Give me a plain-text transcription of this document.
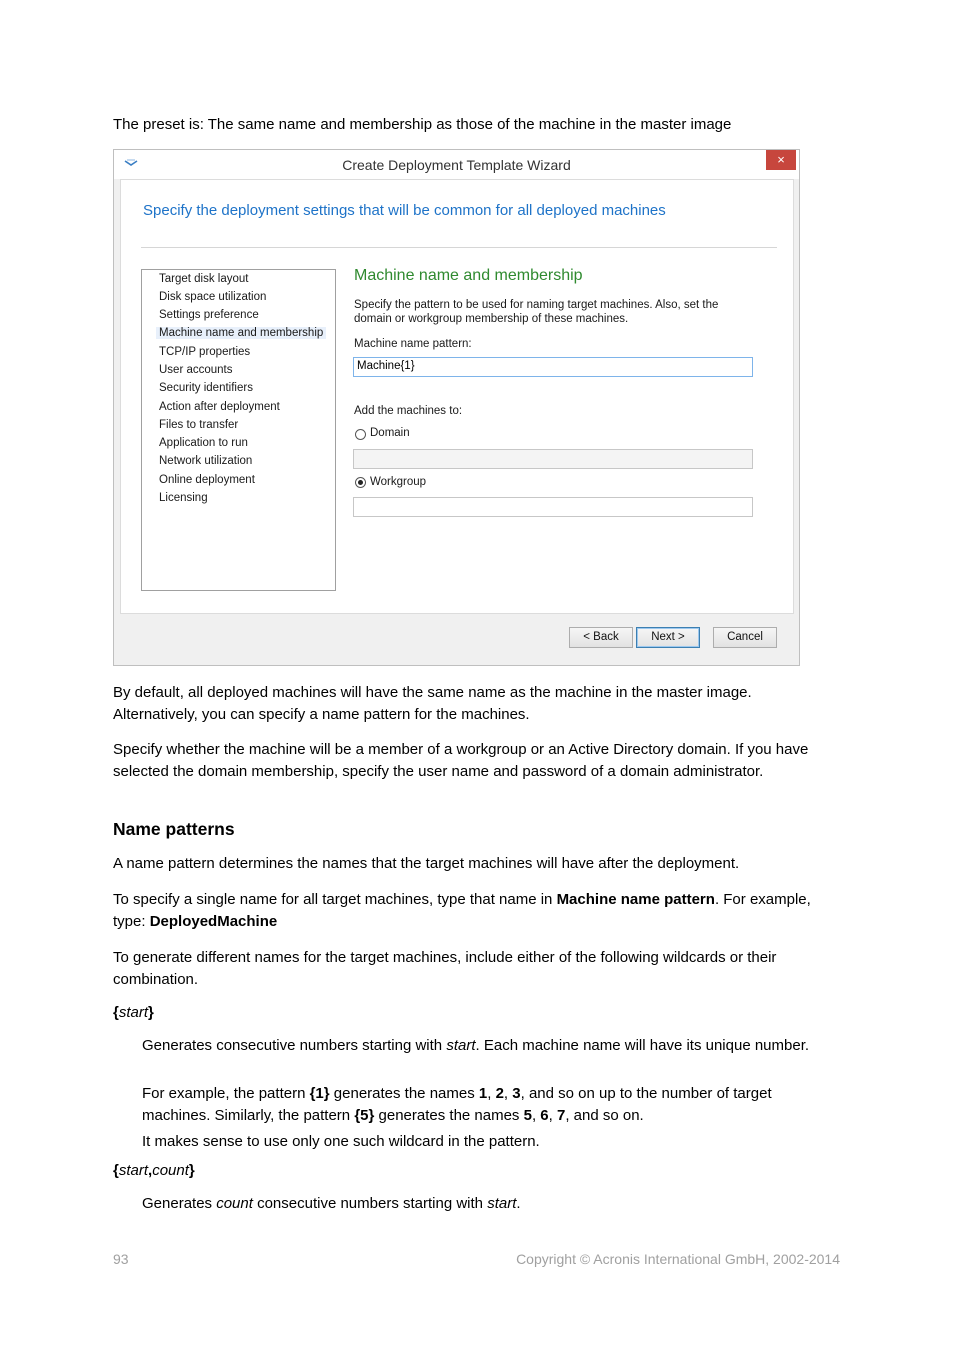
The preset is: The same name and membership as those of the machine in the master image

Create Deployment Template Wizard	×
Specify the deployment settings that will be common for all deployed machines
Target disk layout
Disk space utilization
Settings preference
Machine name and membership
TCP/IP properties
User accounts
Security identifiers
Action after deployment
Files to transfer
Application to run
Network utilization
Online deployment
Licensing
Machine name and membership
Specify the pattern to be used for naming target machines. Also, set the
domain or workgroup membership of these machines.
Machine name pattern:
Machine{1}
Add the machines to:
Domain
Workgroup
< Back	Next >	Cancel

By default, all deployed machines will have the same name as the machine in the master image. Alternatively, you can specify a name pattern for the machines.

Specify whether the machine will be a member of a workgroup or an Active Directory domain. If you have selected the domain membership, specify the user name and password of a domain administrator.

Name patterns

A name pattern determines the names that the target machines will have after the deployment.

To specify a single name for all target machines, type that name in Machine name pattern. For example, type: DeployedMachine

To generate different names for the target machines, include either of the following wildcards or their combination.

{start}

Generates consecutive numbers starting with start. Each machine name will have its unique number.

For example, the pattern {1} generates the names 1, 2, 3, and so on up to the number of target machines. Similarly, the pattern {5} generates the names 5, 6, 7, and so on.

It makes sense to use only one such wildcard in the pattern.

{start,count}

Generates count consecutive numbers starting with start.

93	Copyright © Acronis International GmbH, 2002-2014
